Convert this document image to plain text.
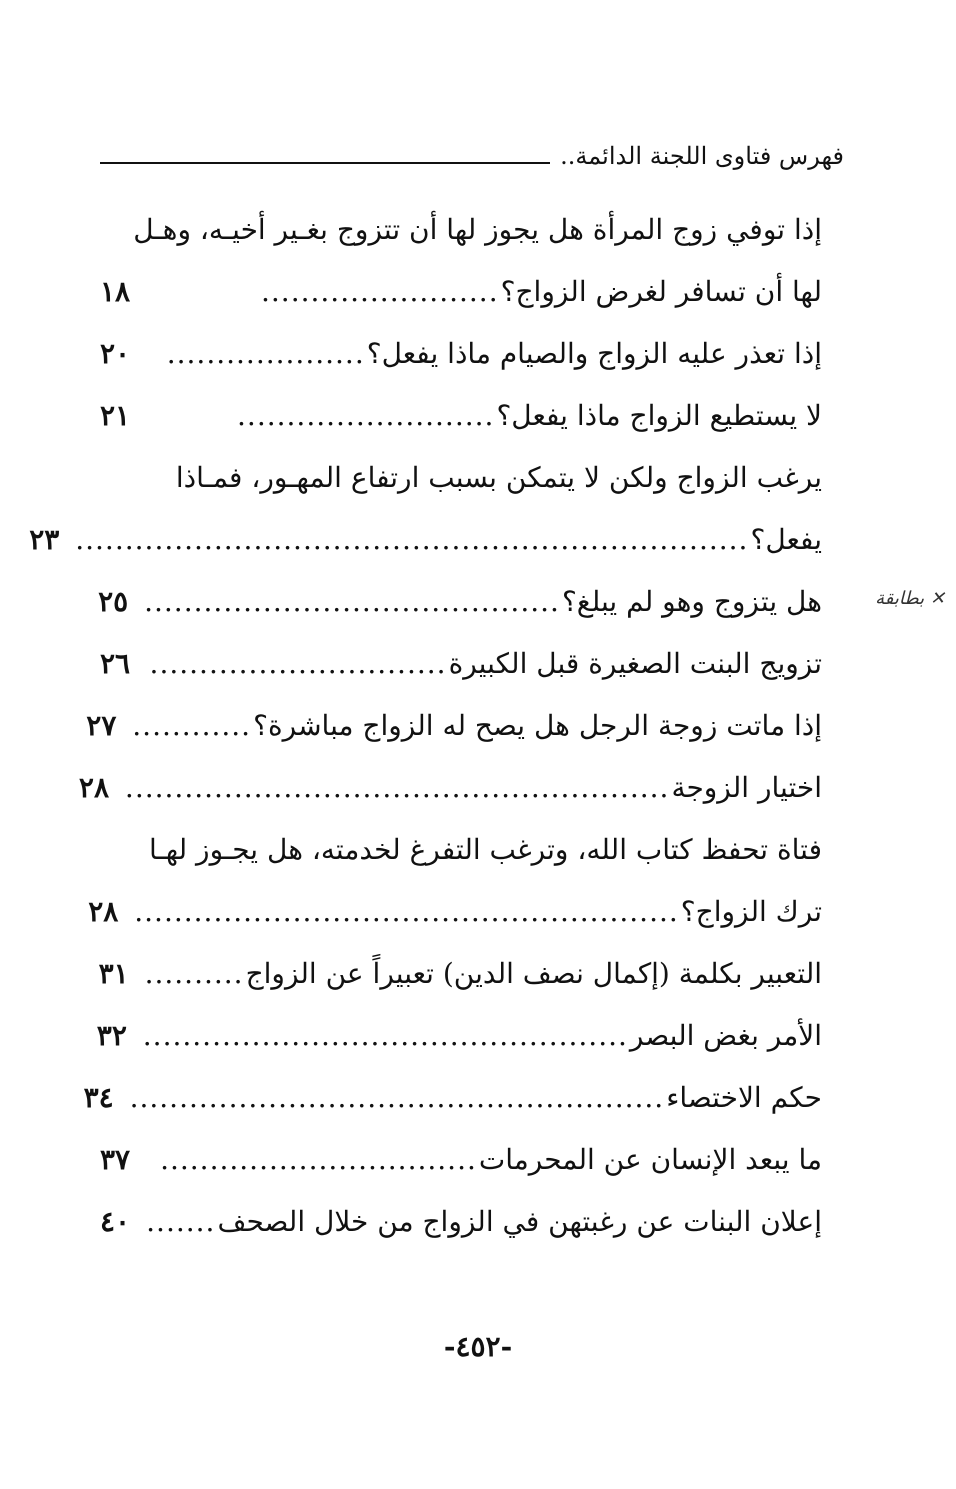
فهرس فتاوى اللجنة الدائمة..
✕ بطابقة
إذا توفي زوج المرأة هل يجوز لها أن تتزوج بغـير أخيـه، وهـل
لها أن تسافر لغرض الزواج؟
........................
١٨
إذا تعذر عليه الزواج والصيام ماذا يفعل؟
....................
٢٠
لا يستطيع الزواج ماذا يفعل؟
..........................
٢١
يرغب الزواج ولكن لا يتمكن بسبب ارتفاع المهـور، فمـاذا
يفعل؟
....................................................................
٢٣
هل يتزوج وهو لم يبلغ؟
..........................................
٢٥
تزويج البنت الصغيرة قبل الكبيرة
..............................
٢٦
إذا ماتت زوجة الرجل هل يصح له الزواج مباشرة؟
............
٢٧
اختيار الزوجة
.......................................................
٢٨
فتاة تحفظ كتاب الله، وترغب التفرغ لخدمته، هل يجـوز لهـا
ترك الزواج؟
.......................................................
٢٨
التعبير بكلمة (إكمال نصف الدين) تعبيراً عن الزواج
..........
٣١
الأمر بغض البصر
.................................................
٣٢
حكم الاختصاء
......................................................
٣٤
ما يبعد الإنسان عن المحرمات
................................
٣٧
إعلان البنات عن رغبتهن في الزواج من خلال الصحف
.......
٤٠
-٤٥٢-
